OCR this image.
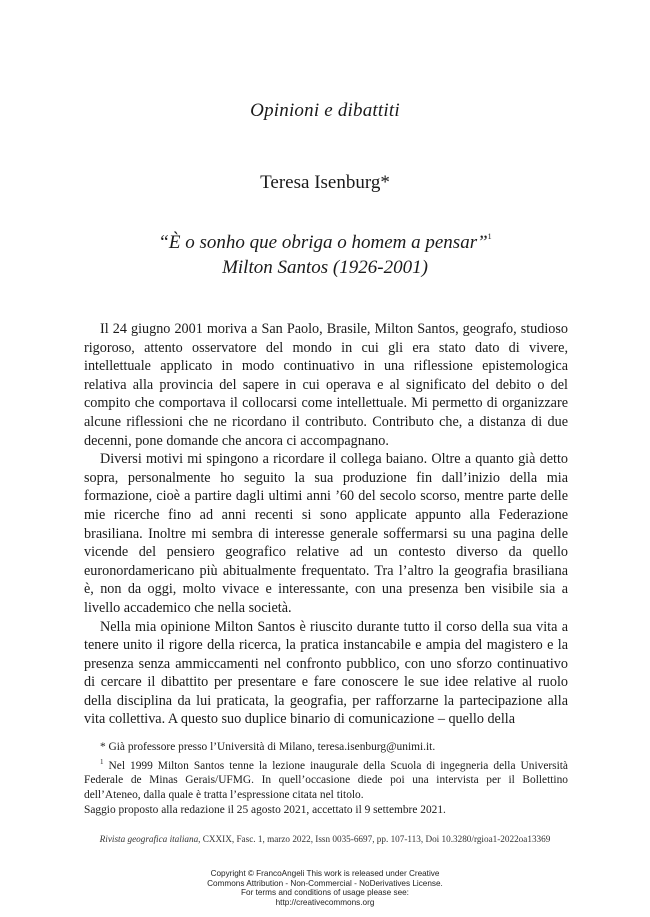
Opinioni e dibattiti
Teresa Isenburg*
“È o sonho que obriga o homem a pensar”$^1$
Milton Santos (1926-2001)

Il 24 giugno 2001 moriva a San Paolo, Brasile, Milton Santos, geografo, studioso rigoroso, attento osservatore del mondo in cui gli era stato dato di vivere, intellettuale applicato in modo continuativo in una riflessione epistemologica relativa alla provincia del sapere in cui operava e al significato del debito o del compito che comportava il collocarsi come intellettuale. Mi permetto di organizzare alcune riflessioni che ne ricordano il contributo. Contributo che, a distanza di due decenni, pone domande che ancora ci accompagnano.

Diversi motivi mi spingono a ricordare il collega baiano. Oltre a quanto già detto sopra, personalmente ho seguito la sua produzione fin dall’inizio della mia formazione, cioè a partire dagli ultimi anni ’60 del secolo scorso, mentre parte delle mie ricerche fino ad anni recenti si sono applicate appunto alla Federazione brasiliana. Inoltre mi sembra di interesse generale soffermarsi su una pagina delle vicende del pensiero geografico relative ad un contesto diverso da quello euronordamericano più abitualmente frequentato. Tra l’altro la geografia brasiliana è, non da oggi, molto vivace e interessante, con una presenza ben visibile sia a livello accademico che nella società.

Nella mia opinione Milton Santos è riuscito durante tutto il corso della sua vita a tenere unito il rigore della ricerca, la pratica instancabile e ampia del magistero e la presenza senza ammiccamenti nel confronto pubblico, con uno sforzo continuativo di cercare il dibattito per presentare e fare conoscere le sue idee relative al ruolo della disciplina da lui praticata, la geografia, per rafforzarne la partecipazione alla vita collettiva. A questo suo duplice binario di comunicazione – quello della

* Già professore presso l’Università di Milano, teresa.isenburg@unimi.it.

$^1$ Nel 1999 Milton Santos tenne la lezione inaugurale della Scuola di ingegneria della Università Federale de Minas Gerais/UFMG. In quell’occasione diede poi una intervista per il Bollettino dell’Ateneo, dalla quale è tratta l’espressione citata nel titolo.

Saggio proposto alla redazione il 25 agosto 2021, accettato il 9 settembre 2021.
Rivista geografica italiana, CXXIX, Fasc. 1, marzo 2022, Issn 0035-6697, pp. 107-113, Doi 10.3280/rgioa1-2022oa13369
Copyright © FrancoAngeli This work is released under Creative
Commons Attribution - Non-Commercial - NoDerivatives License.
For terms and conditions of usage please see:
http://creativecommons.org
